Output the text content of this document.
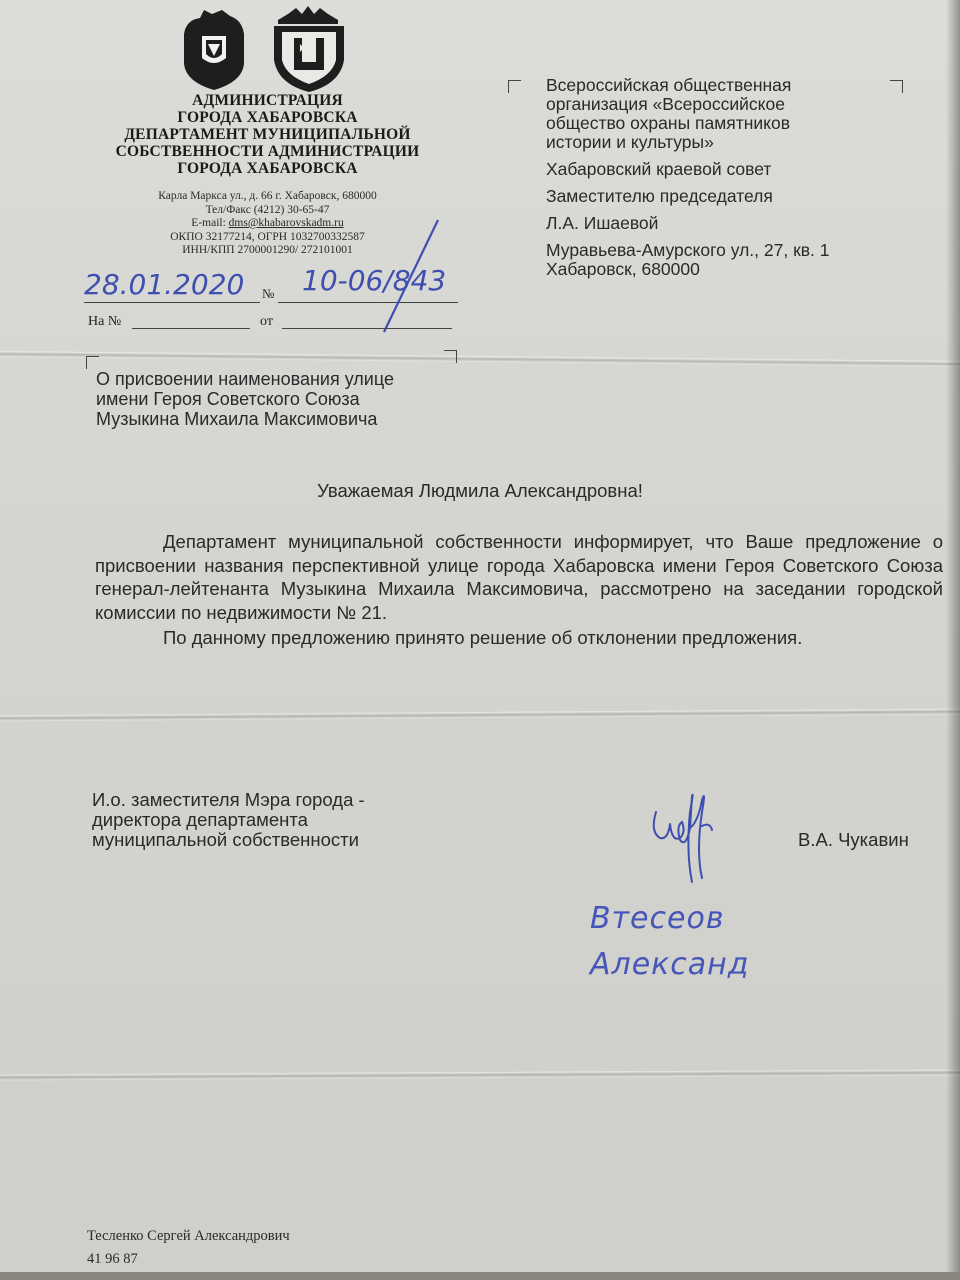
АДМИНИСТРАЦИЯ
ГОРОДА ХАБАРОВСКА
ДЕПАРТАМЕНТ МУНИЦИПАЛЬНОЙ
СОБСТВЕННОСТИ АДМИНИСТРАЦИИ
ГОРОДА ХАБАРОВСКА
Карла Маркса ул., д. 66 г. Хабаровск, 680000
Тел/Факс (4212) 30-65-47
E-mail: dms@khabarovskadm.ru
ОКПО 32177214, ОГРН 1032700332587
ИНН/КПП 2700001290/ 272101001
28.01.2020 № 10-06/843
На №	от
Всероссийская общественная
организация «Всероссийское
общество охраны памятников
истории и культуры»
Хабаровский краевой совет
Заместителю председателя
Л.А. Ишаевой
Муравьева-Амурского ул., 27, кв. 1
Хабаровск, 680000
О присвоении наименования улице
имени Героя Советского Союза
Музыкина Михаила Максимовича
Уважаемая Людмила Александровна!

Департамент муниципальной собственности информирует, что Ваше предложение о присвоении названия перспективной улице города Хабаровска имени Героя Советского Союза генерал-лейтенанта Музыкина Михаила Максимовича, рассмотрено на заседании городской комиссии по недвижимости № 21.

По данному предложению принято решение об отклонении предложения.

И.о. заместителя Мэра города -
директора департамента
муниципальной собственности	В.А. Чукавин
Втесеов
Александ
Тесленко Сергей Александрович
41 96 87
